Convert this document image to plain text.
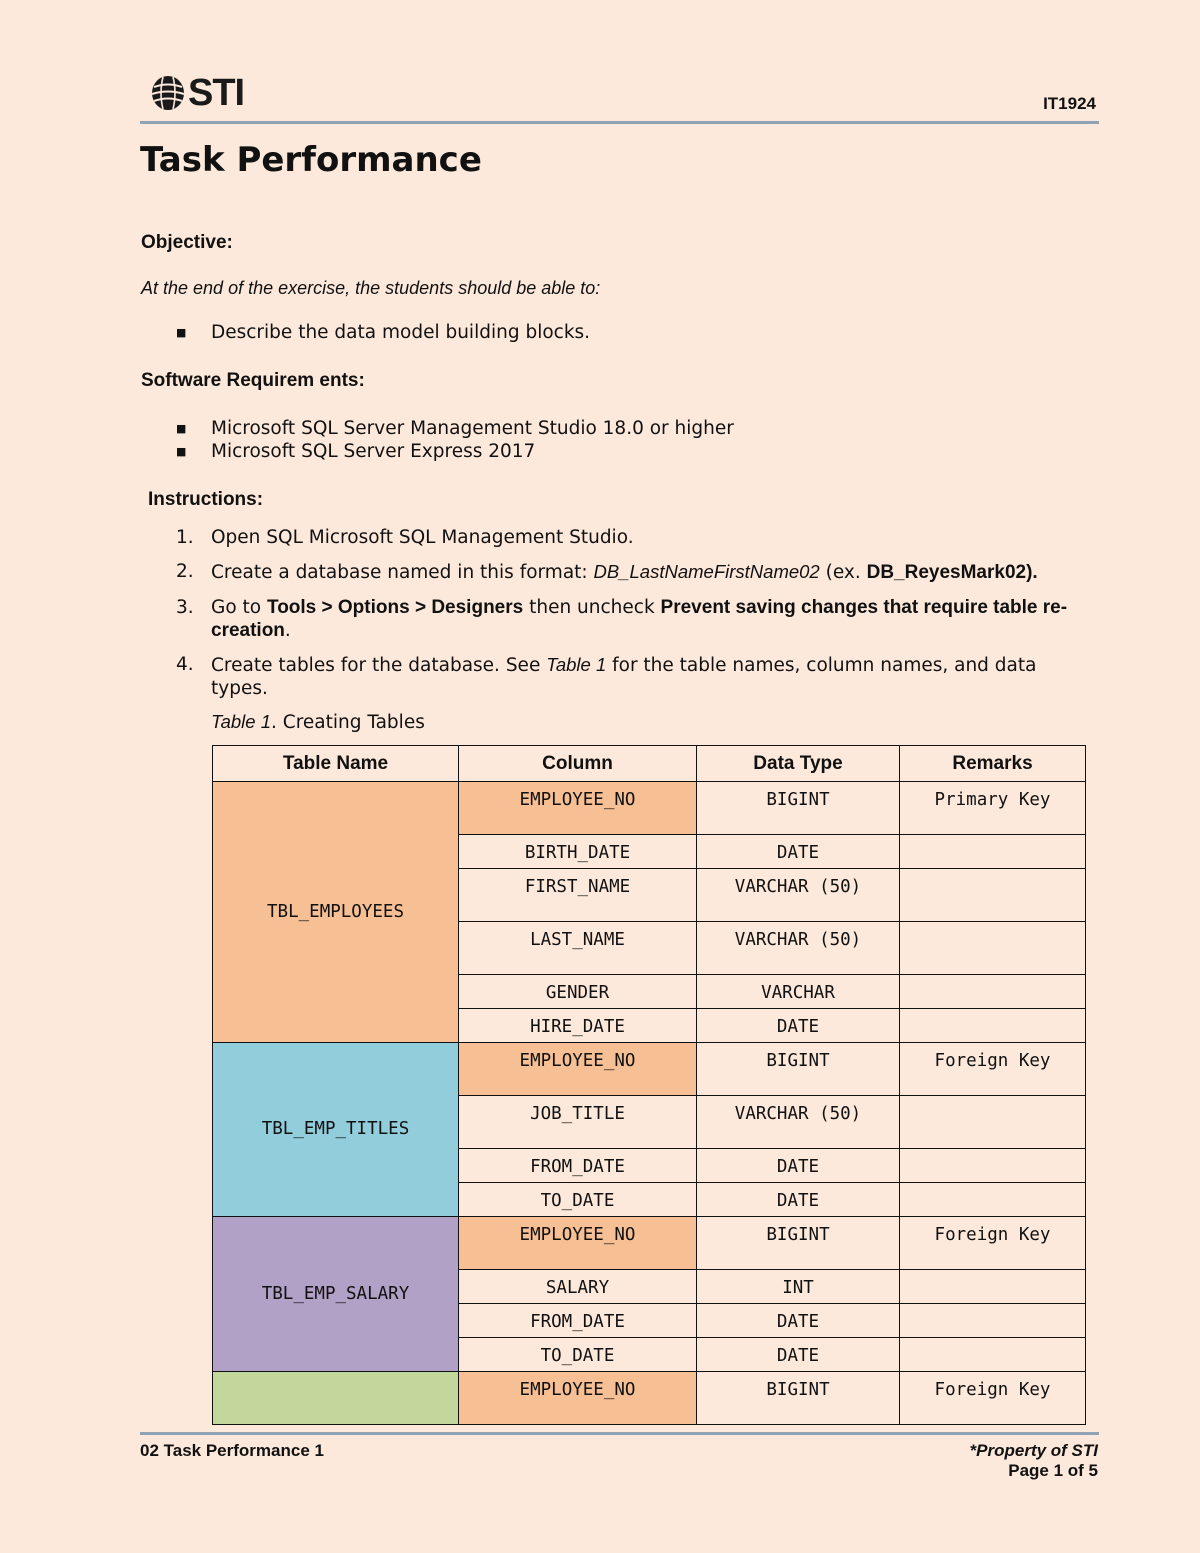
STI	IT1924
Task Performance
Objective:

At the end of the exercise, the students should be able to:

■	Describe the data model building blocks.
Software Requirem ents:
■	Microsoft SQL Server Management Studio 18.0 or higher
■	Microsoft SQL Server Express 2017
Instructions:
1. Open SQL Microsoft SQL Management Studio.
2. Create a database named in this format: DB_LastNameFirstName02 (ex. DB_ReyesMark02).
3. Go to Tools > Options > Designers then uncheck Prevent saving changes that require table re- creation.
4. Create tables for the database. See Table 1 for the table names, column names, and data types.

Table 1. Creating Tables

Table Name	Column	Data Type	Remarks
TBL_EMPLOYEES	EMPLOYEE_NO	BIGINT	Primary Key
	BIRTH_DATE	DATE	
	FIRST_NAME	VARCHAR (50)	
	LAST_NAME	VARCHAR (50)	
	GENDER	VARCHAR	
	HIRE_DATE	DATE	
TBL_EMP_TITLES	EMPLOYEE_NO	BIGINT	Foreign Key
	JOB_TITLE	VARCHAR (50)	
	FROM_DATE	DATE	
	TO_DATE	DATE	
TBL_EMP_SALARY	EMPLOYEE_NO	BIGINT	Foreign Key
	SALARY	INT	
	FROM_DATE	DATE	
	TO_DATE	DATE	
	EMPLOYEE_NO	BIGINT	Foreign Key
02 Task Performance 1	*Property of STI
Page 1 of 5
